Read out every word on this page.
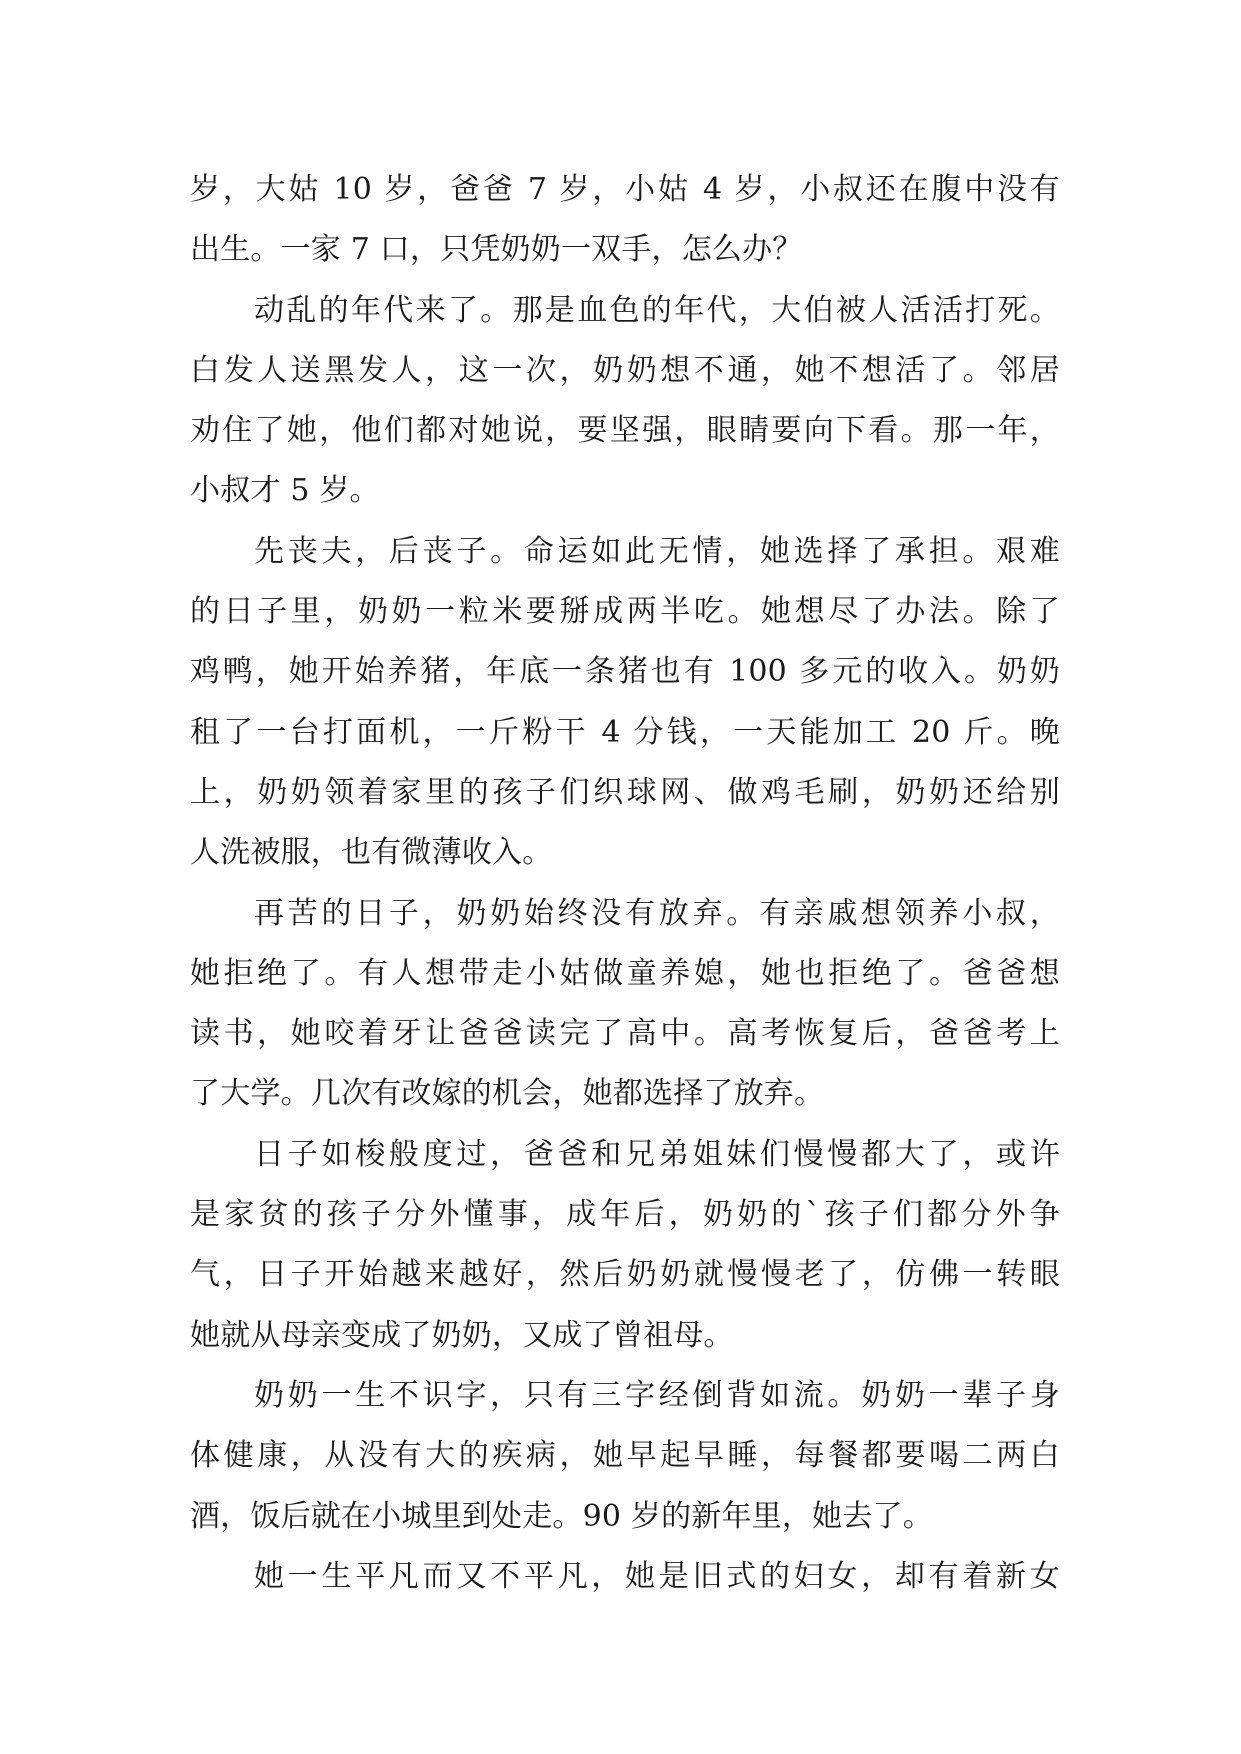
岁，大姑 10 岁，爸爸 7 岁，小姑 4 岁，小叔还在腹中没有
出生。一家 7 口，只凭奶奶一双手，怎么办？
动乱的年代来了。那是血色的年代，大伯被人活活打死。
白发人送黑发人，这一次，奶奶想不通，她不想活了。邻居
劝住了她，他们都对她说，要坚强，眼睛要向下看。那一年，
小叔才 5 岁。
先丧夫，后丧子。命运如此无情，她选择了承担。艰难
的日子里，奶奶一粒米要掰成两半吃。她想尽了办法。除了
鸡鸭，她开始养猪，年底一条猪也有 100 多元的收入。奶奶
租了一台打面机，一斤粉干 4 分钱，一天能加工 20 斤。晚
上，奶奶领着家里的孩子们织球网、做鸡毛刷，奶奶还给别
人洗被服，也有微薄收入。
再苦的日子，奶奶始终没有放弃。有亲戚想领养小叔，
她拒绝了。有人想带走小姑做童养媳，她也拒绝了。爸爸想
读书，她咬着牙让爸爸读完了高中。高考恢复后，爸爸考上
了大学。几次有改嫁的机会，她都选择了放弃。
日子如梭般度过，爸爸和兄弟姐妹们慢慢都大了，或许
是家贫的孩子分外懂事，成年后，奶奶的`孩子们都分外争
气，日子开始越来越好，然后奶奶就慢慢老了，仿佛一转眼
她就从母亲变成了奶奶，又成了曾祖母。
奶奶一生不识字，只有三字经倒背如流。奶奶一辈子身
体健康，从没有大的疾病，她早起早睡，每餐都要喝二两白
酒，饭后就在小城里到处走。90 岁的新年里，她去了。
她一生平凡而又不平凡，她是旧式的妇女，却有着新女
